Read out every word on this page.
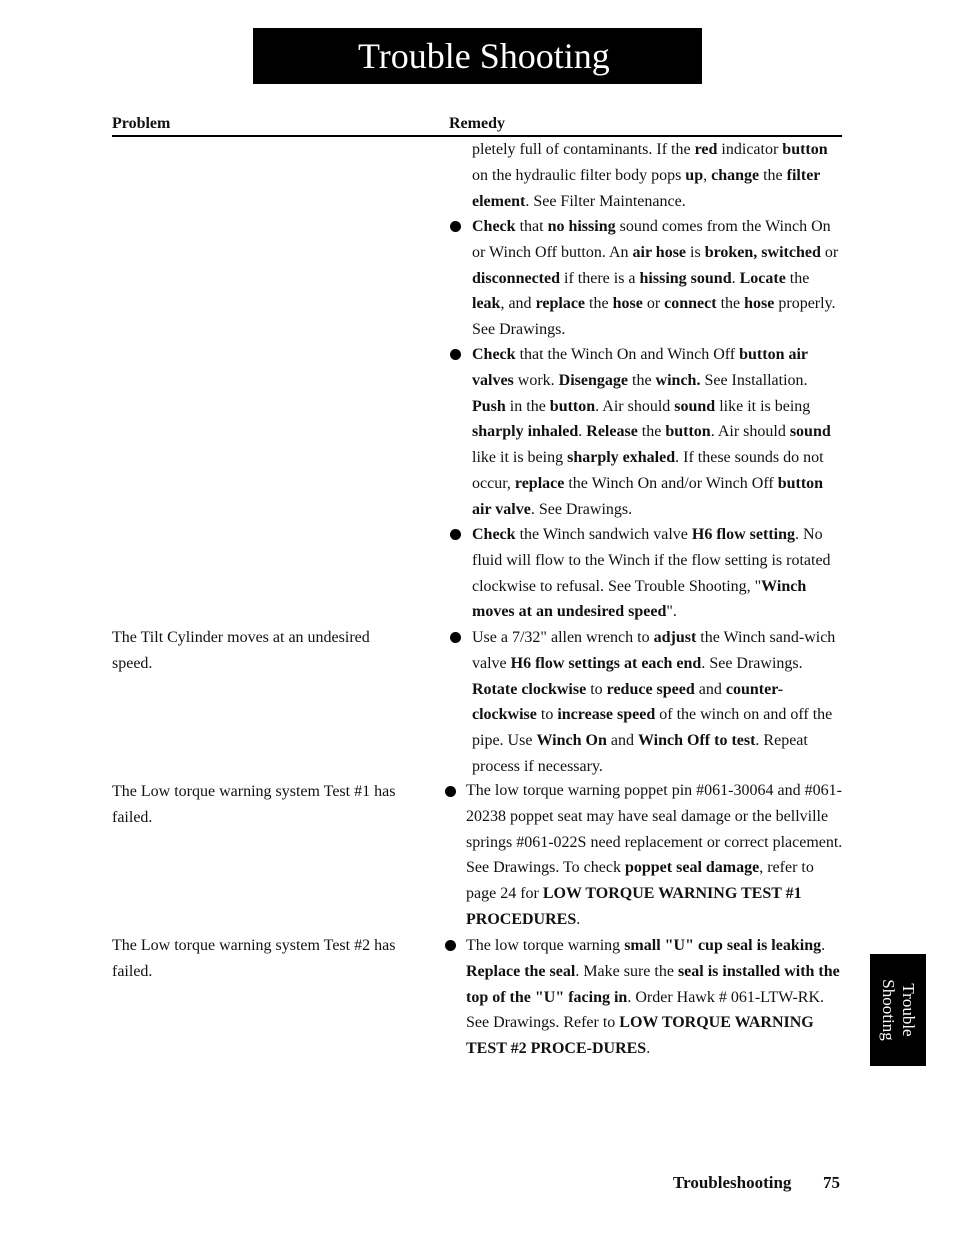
Trouble Shooting
Problem	Remedy
pletely full of contaminants. If the red indicator button on the hydraulic filter body pops up, change the filter element. See Filter Maintenance.
Check that no hissing sound comes from the Winch On or Winch Off button. An air hose is broken, switched or disconnected if there is a hissing sound. Locate the leak, and replace the hose or connect the hose properly. See Drawings.
Check that the Winch On and Winch Off button air valves work. Disengage the winch. See Installation. Push in the button. Air should sound like it is being sharply inhaled. Release the button. Air should sound like it is being sharply exhaled. If these sounds do not occur, replace the Winch On and/or Winch Off button air valve. See Drawings.
Check the Winch sandwich valve H6 flow setting. No fluid will flow to the Winch if the flow setting is rotated clockwise to refusal. See Trouble Shooting, "Winch moves at an undesired speed".
The Tilt Cylinder moves at an undesired speed.
Use a 7/32" allen wrench to adjust the Winch sand-wich valve H6 flow settings at each end. See Drawings. Rotate clockwise to reduce speed and counter-clockwise to increase speed of the winch on and off the pipe. Use Winch On and Winch Off to test. Repeat process if necessary.
The Low torque warning system Test #1 has failed.
The low torque warning poppet pin #061-30064 and #061-20238 poppet seat may have seal damage or the bellville springs #061-022S need replacement or correct placement. See Drawings. To check poppet seal damage, refer to page 24 for LOW TORQUE WARNING TEST #1 PROCEDURES.
The Low torque warning system Test #2 has failed.
The low torque warning small "U" cup seal is leaking. Replace the seal. Make sure the seal is installed with the top of the "U" facing in. Order Hawk # 061-LTW-RK. See Drawings. Refer to LOW TORQUE WARNING TEST #2 PROCE-DURES.
Trouble
Shooting
Troubleshooting 75
